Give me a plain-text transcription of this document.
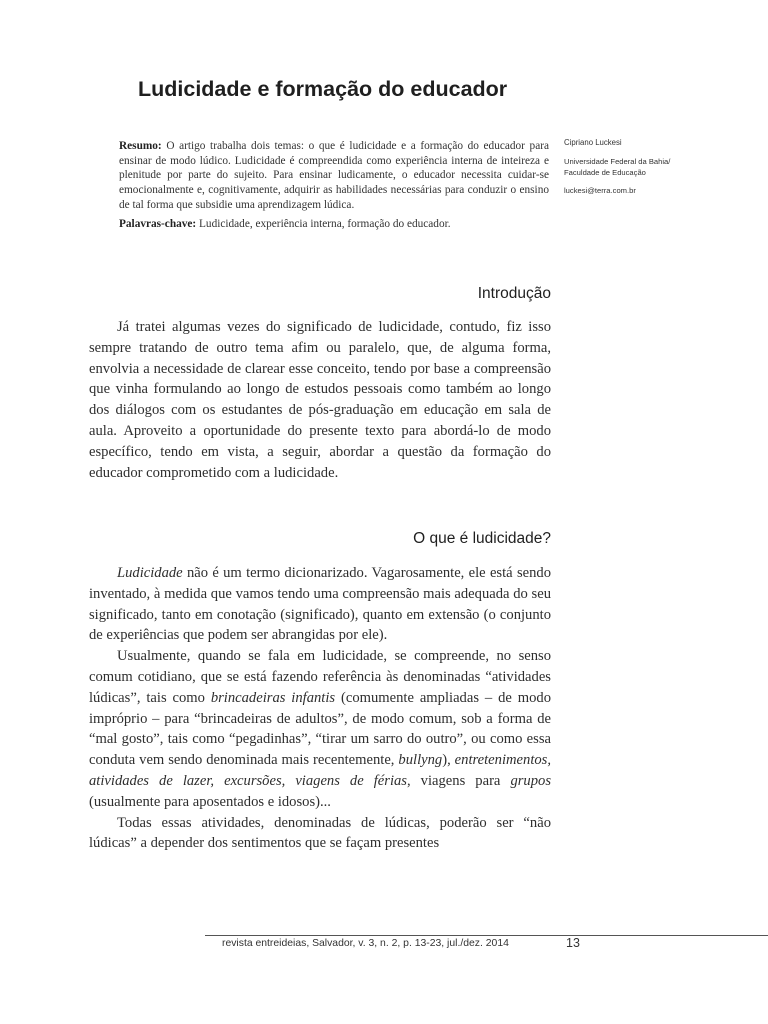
Ludicidade e formação do educador

Resumo: O artigo trabalha dois temas: o que é ludicidade e a formação do educador para ensinar de modo lúdico. Ludicidade é compreendida como experiência interna de inteireza e plenitude por parte do sujeito. Para ensinar ludicamente, o educador necessita cuidar-se emocionalmente e, cognitivamente, adquirir as habilidades necessárias para conduzir o ensino de tal forma que subsidie uma aprendizagem lúdica.

Palavras-chave: Ludicidade, experiência interna, formação do educador.

Cipriano Luckesi
Universidade Federal da Bahia/
Faculdade de Educação
luckesi@terra.com.br
Introdução

Já tratei algumas vezes do significado de ludicidade, contudo, fiz isso sempre tratando de outro tema afim ou paralelo, que, de alguma forma, envolvia a necessidade de clarear esse conceito, tendo por base a compreensão que vinha formulando ao longo de estudos pessoais como também ao longo dos diálogos com os estudantes de pós-graduação em educação em sala de aula. Aproveito a oportunidade do presente texto para abordá-lo de modo específico, tendo em vista, a seguir, abordar a questão da formação do educador comprometido com a ludicidade.

O que é ludicidade?

Ludicidade não é um termo dicionarizado. Vagarosamente, ele está sendo inventado, à medida que vamos tendo uma compreensão mais adequada do seu significado, tanto em conotação (significado), quanto em extensão (o conjunto de experiências que podem ser abrangidas por ele).

Usualmente, quando se fala em ludicidade, se compreende, no senso comum cotidiano, que se está fazendo referência às denominadas “atividades lúdicas”, tais como brincadeiras infantis (comumente ampliadas – de modo impróprio – para “brincadeiras de adultos”, de modo comum, sob a forma de “mal gosto”, tais como “pegadinhas”, “tirar um sarro do outro”, ou como essa conduta vem sendo denominada mais recentemente, bullyng), entretenimentos, atividades de lazer, excursões, viagens de férias, viagens para grupos (usualmente para aposentados e idosos)...

Todas essas atividades, denominadas de lúdicas, poderão ser “não lúdicas” a depender dos sentimentos que se façam presentes

revista entreideias, Salvador, v. 3, n. 2, p. 13-23, jul./dez. 2014	13
